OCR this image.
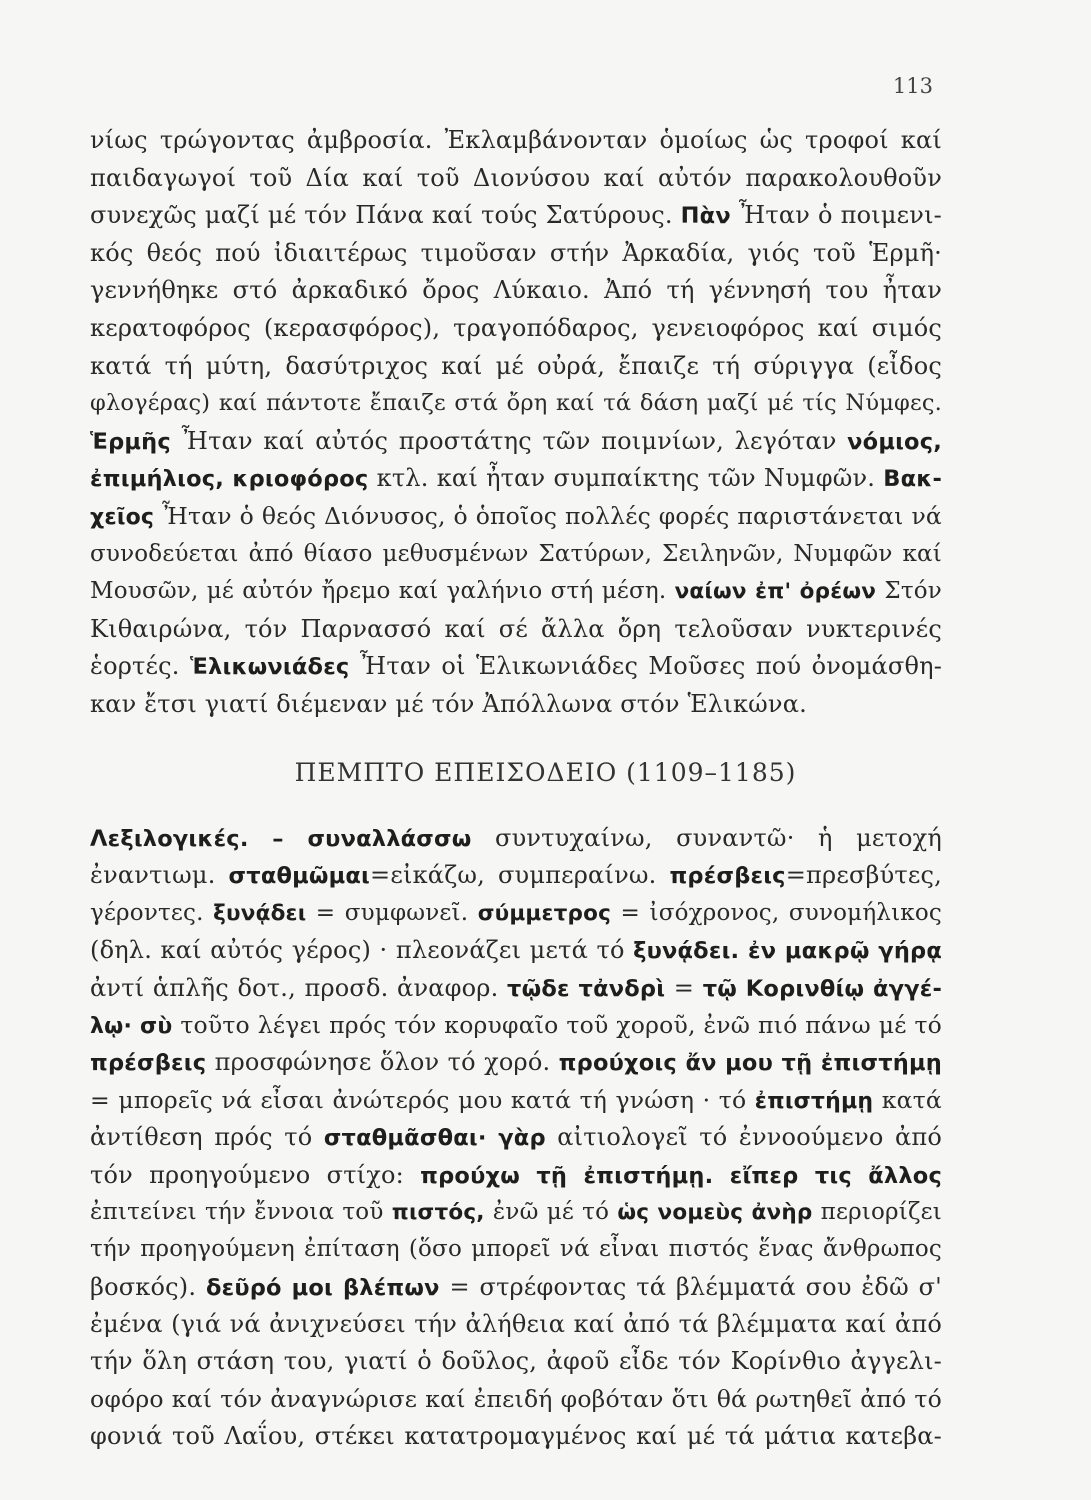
113
νίως τρώγοντας ἀμβροσία. Ἐκλαμβάνονταν ὁμοίως ὡς τροφοί καί
παιδαγωγοί τοῦ Δία καί τοῦ Διονύσου καί αὐτόν παρακολουθοῦν
συνεχῶς μαζί μέ τόν Πάνα καί τούς Σατύρους. Πὰν Ἦταν ὁ ποιμενι-
κός θεός πού ἰδιαιτέρως τιμοῦσαν στήν Ἀρκαδία, γιός τοῦ Ἑρμῆ·
γεννήθηκε στό ἀρκαδικό ὄρος Λύκαιο. Ἀπό τή γέννησή του ἦταν
κερατοφόρος (κερασφόρος), τραγοπόδαρος, γενειοφόρος καί σιμός
κατά τή μύτη, δασύτριχος καί μέ οὐρά, ἔπαιζε τή σύριγγα (εἶδος
φλογέρας) καί πάντοτε ἔπαιζε στά ὄρη καί τά δάση μαζί μέ τίς Νύμφες.
Ἑρμῆς Ἦταν καί αὐτός προστάτης τῶν ποιμνίων, λεγόταν νόμιος,
ἐπιμήλιος, κριοφόρος κτλ. καί ἦταν συμπαίκτης τῶν Νυμφῶν. Βακ-
χεῖος Ἦταν ὁ θεός Διόνυσος, ὁ ὁποῖος πολλές φορές παριστάνεται νά
συνοδεύεται ἀπό θίασο μεθυσμένων Σατύρων, Σειληνῶν, Νυμφῶν καί
Μουσῶν, μέ αὐτόν ἤρεμο καί γαλήνιο στή μέση. ναίων ἐπ' ὀρέων Στόν
Κιθαιρώνα, τόν Παρνασσό καί σέ ἄλλα ὄρη τελοῦσαν νυκτερινές
ἑορτές. Ἑλικωνιάδες Ἦταν οἱ Ἑλικωνιάδες Μοῦσες πού ὀνομάσθη-
καν ἔτσι γιατί διέμεναν μέ τόν Ἀπόλλωνα στόν Ἑλικώνα.
ΠΕΜΠΤΟ ΕΠΕΙΣΟΔΕΙΟ (1109–1185)
Λεξιλογικές. – συναλλάσσω συντυχαίνω, συναντῶ· ἡ μετοχή
ἐναντιωμ. σταθμῶμαι=εἰκάζω, συμπεραίνω. πρέσβεις=πρεσβύτες,
γέροντες. ξυνᾴδει = συμφωνεῖ. σύμμετρος = ἰσόχρονος, συνομήλικος
(δηλ. καί αὐτός γέρος) · πλεονάζει μετά τό ξυνᾴδει. ἐν μακρῷ γήρᾳ
ἀντί ἁπλῆς δοτ., προσδ. ἀναφορ. τῷδε τἀνδρὶ = τῷ Κορινθίῳ ἀγγέ-
λῳ· σὺ τοῦτο λέγει πρός τόν κορυφαῖο τοῦ χοροῦ, ἐνῶ πιό πάνω μέ τό
πρέσβεις προσφώνησε ὅλον τό χορό. προύχοις ἄν μου τῇ ἐπιστήμῃ
= μπορεῖς νά εἶσαι ἀνώτερός μου κατά τή γνώση · τό ἐπιστήμῃ κατά
ἀντίθεση πρός τό σταθμᾶσθαι· γὰρ αἰτιολογεῖ τό ἐννοούμενο ἀπό
τόν προηγούμενο στίχο: προύχω τῇ ἐπιστήμῃ. εἴπερ τις ἄλλος
ἐπιτείνει τήν ἔννοια τοῦ πιστός, ἐνῶ μέ τό ὡς νομεὺς ἀνὴρ περιορίζει
τήν προηγούμενη ἐπίταση (ὅσο μπορεῖ νά εἶναι πιστός ἕνας ἄνθρωπος
βοσκός). δεῦρό μοι βλέπων = στρέφοντας τά βλέμματά σου ἐδῶ σ'
ἐμένα (γιά νά ἀνιχνεύσει τήν ἀλήθεια καί ἀπό τά βλέμματα καί ἀπό
τήν ὅλη στάση του, γιατί ὁ δοῦλος, ἀφοῦ εἶδε τόν Κορίνθιο ἀγγελι-
οφόρο καί τόν ἀναγνώρισε καί ἐπειδή φοβόταν ὅτι θά ρωτηθεῖ ἀπό τό
φονιά τοῦ Λαΐου, στέκει κατατρομαγμένος καί μέ τά μάτια κατεβα-
